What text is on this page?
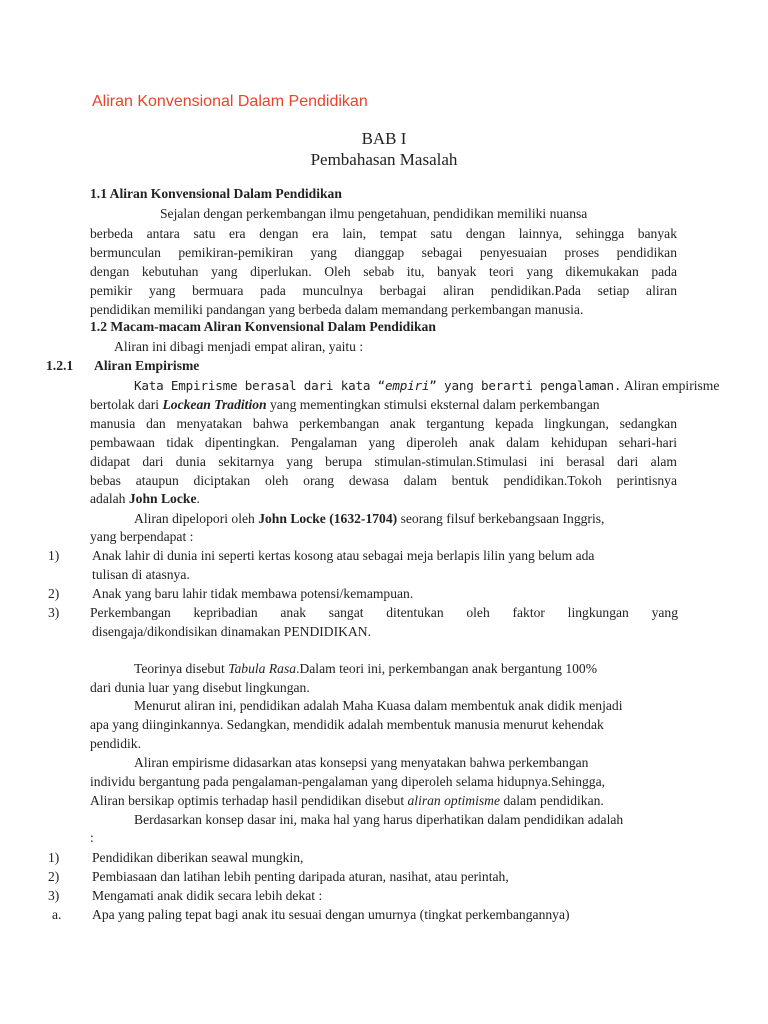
Aliran Konvensional Dalam Pendidikan
BAB I
Pembahasan Masalah
1.1 Aliran Konvensional Dalam Pendidikan
Sejalan dengan perkembangan ilmu pengetahuan, pendidikan memiliki nuansa
berbeda antara satu era dengan era lain, tempat satu dengan lainnya, sehingga banyak
bermunculan pemikiran-pemikiran yang dianggap sebagai penyesuaian proses pendidikan
dengan kebutuhan yang diperlukan. Oleh sebab itu, banyak teori yang dikemukakan pada
pemikir yang bermuara pada munculnya berbagai aliran pendidikan.Pada setiap aliran
pendidikan memiliki pandangan yang berbeda dalam memandang perkembangan manusia.
1.2 Macam-macam Aliran Konvensional Dalam Pendidikan
Aliran ini dibagi menjadi empat aliran, yaitu :
1.2.1 Aliran Empirisme
Kata Empirisme berasal dari kata “empiri” yang berarti pengalaman. Aliran empirisme
bertolak dari Lockean Tradition yang mementingkan stimulsi eksternal dalam perkembangan
manusia dan menyatakan bahwa perkembangan anak tergantung kepada lingkungan, sedangkan
pembawaan tidak dipentingkan. Pengalaman yang diperoleh anak dalam kehidupan sehari-hari
didapat dari dunia sekitarnya yang berupa stimulan-stimulan.Stimulasi ini berasal dari alam
bebas ataupun diciptakan oleh orang dewasa dalam bentuk pendidikan.Tokoh perintisnya
adalah John Locke.
Aliran dipelopori oleh John Locke (1632-1704) seorang filsuf berkebangsaan Inggris,
yang berpendapat :
1) Anak lahir di dunia ini seperti kertas kosong atau sebagai meja berlapis lilin yang belum ada
tulisan di atasnya.
2) Anak yang baru lahir tidak membawa potensi/kemampuan.
3) Perkembangan kepribadian anak sangat ditentukan oleh faktor lingkungan yang
disengaja/dikondisikan dinamakan PENDIDIKAN.
Teorinya disebut Tabula Rasa.Dalam teori ini, perkembangan anak bergantung 100%
dari dunia luar yang disebut lingkungan.
Menurut aliran ini, pendidikan adalah Maha Kuasa dalam membentuk anak didik menjadi
apa yang diinginkannya. Sedangkan, mendidik adalah membentuk manusia menurut kehendak
pendidik.
Aliran empirisme didasarkan atas konsepsi yang menyatakan bahwa perkembangan
individu bergantung pada pengalaman-pengalaman yang diperoleh selama hidupnya.Sehingga,
Aliran bersikap optimis terhadap hasil pendidikan disebut aliran optimisme dalam pendidikan.
Berdasarkan konsep dasar ini, maka hal yang harus diperhatikan dalam pendidikan adalah
:
1) Pendidikan diberikan seawal mungkin,
2) Pembiasaan dan latihan lebih penting daripada aturan, nasihat, atau perintah,
3) Mengamati anak didik secara lebih dekat :
a. Apa yang paling tepat bagi anak itu sesuai dengan umurnya (tingkat perkembangannya)
